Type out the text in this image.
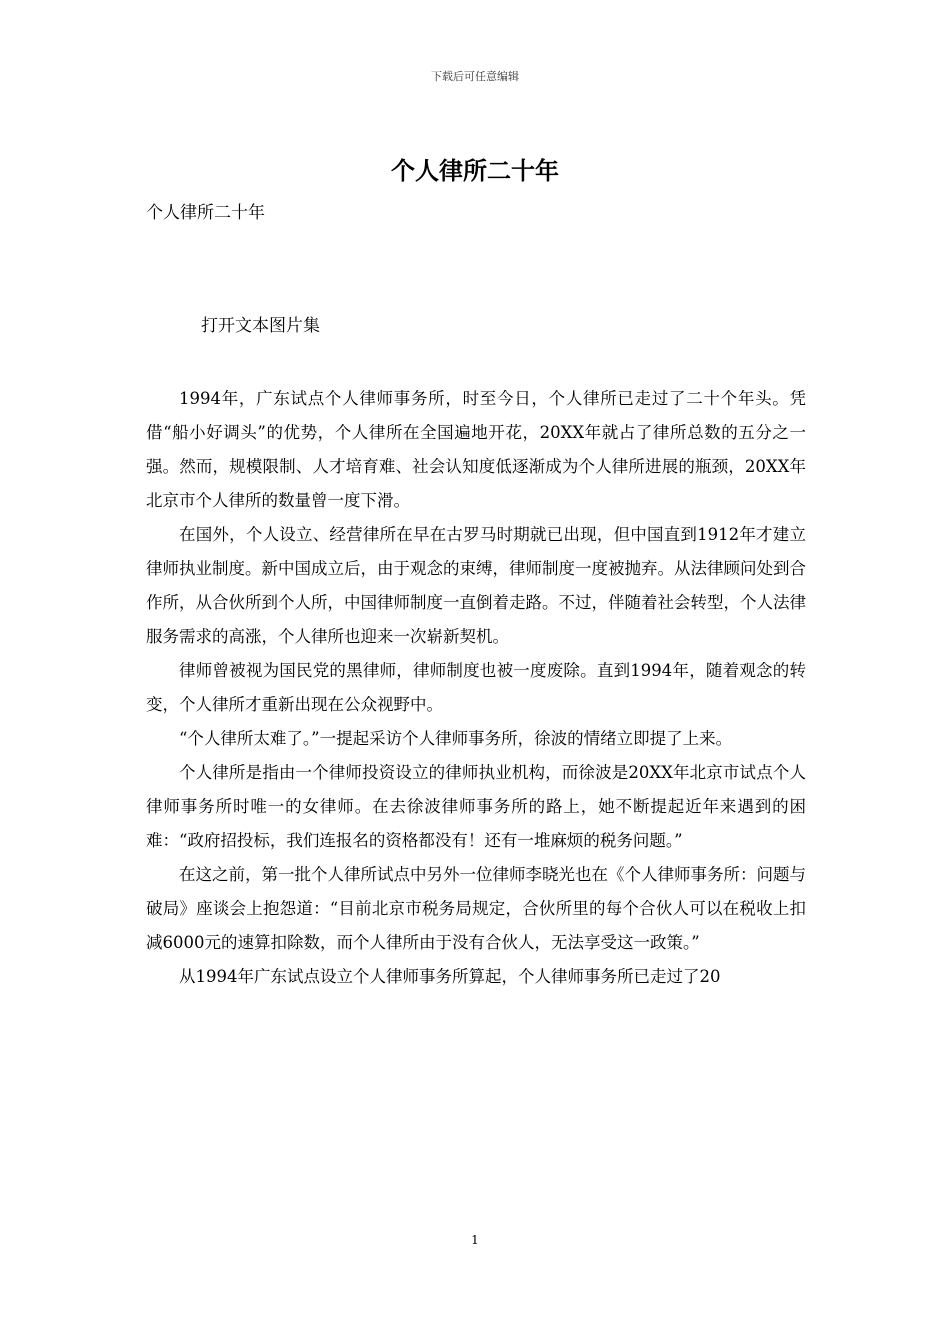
下载后可任意编辑
个人律所二十年
个人律所二十年
打开文本图片集

1994年，广东试点个人律师事务所，时至今日，个人律所已走过了二十个年头。凭借“船小好调头”的优势，个人律所在全国遍地开花，20XX年就占了律所总数的五分之一强。然而，规模限制、人才培育难、社会认知度低逐渐成为个人律所进展的瓶颈，20XX年北京市个人律所的数量曾一度下滑。

在国外，个人设立、经营律所在早在古罗马时期就已出现，但中国直到1912年才建立律师执业制度。新中国成立后，由于观念的束缚，律师制度一度被抛弃。从法律顾问处到合作所，从合伙所到个人所，中国律师制度一直倒着走路。不过，伴随着社会转型，个人法律服务需求的高涨，个人律所也迎来一次崭新契机。

律师曾被视为国民党的黑律师，律师制度也被一度废除。直到1994年，随着观念的转变，个人律所才重新出现在公众视野中。

“个人律所太难了。”一提起采访个人律师事务所，徐波的情绪立即提了上来。

个人律所是指由一个律师投资设立的律师执业机构，而徐波是20XX年北京市试点个人律师事务所时唯一的女律师。在去徐波律师事务所的路上，她不断提起近年来遇到的困难：“政府招投标，我们连报名的资格都没有！还有一堆麻烦的税务问题。”

在这之前，第一批个人律所试点中另外一位律师李晓光也在《个人律师事务所：问题与破局》座谈会上抱怨道：“目前北京市税务局规定，合伙所里的每个合伙人可以在税收上扣减6000元的速算扣除数，而个人律所由于没有合伙人，无法享受这一政策。”

从1994年广东试点设立个人律师事务所算起，个人律师事务所已走过了20

1
